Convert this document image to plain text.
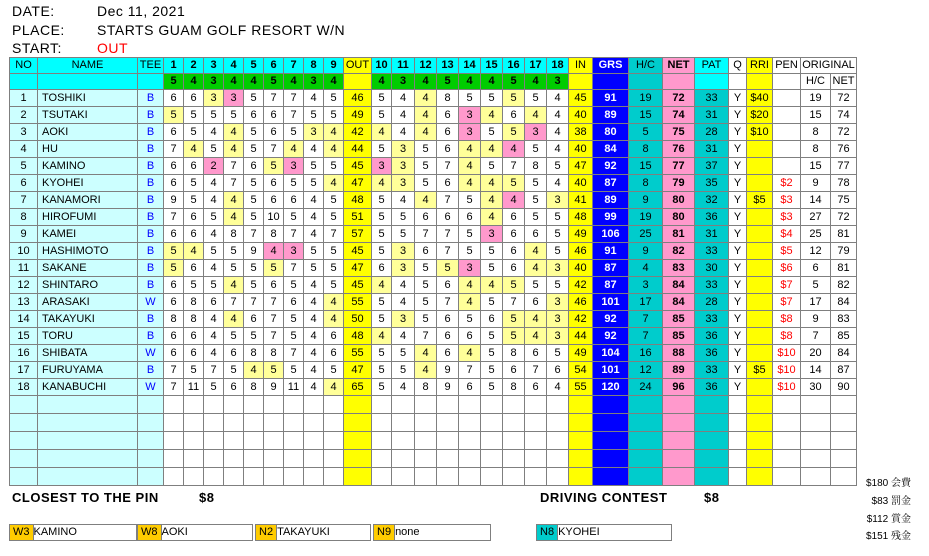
DATE:	Dec 11, 2021
PLACE: STARTS GUAM GOLF RESORT W/N
START:	OUT
NO	NAME	TEE	1	2	3	4	5	6	7	8	9	OUT	10	11	12	13	14	15	16	17	18	IN	GRS	H/C	NET	PAT	Q	RRI	PEN	ORIGINAL	
			5	4	3	4	4	5	4	3	4		4	3	4	5	4	4	5	4	3									H/C	NET
1	TOSHIKI	B	6	6	3	3	5	7	7	4	5	46	5	4	4	8	5	5	5	5	4	45	91	19	72	33	Y	$40		19	72
2	TSUTAKI	B	5	5	5	5	6	6	7	5	5	49	5	4	4	6	3	4	6	4	4	40	89	15	74	31	Y	$20		15	74
3	AOKI	B	6	5	4	4	5	6	5	3	4	42	4	4	4	6	3	5	5	3	4	38	80	5	75	28	Y	$10		8	72
4	HU	B	7	4	5	4	5	7	4	4	4	44	5	3	5	6	4	4	4	5	4	40	84	8	76	31	Y			8	76
5	KAMINO	B	6	6	2	7	6	5	3	5	5	45	3	3	5	7	4	5	7	8	5	47	92	15	77	37	Y			15	77
6	KYOHEI	B	6	5	4	7	5	6	5	5	4	47	4	3	5	6	4	4	5	5	4	40	87	8	79	35	Y		$2	9	78
7	KANAMORI	B	9	5	4	4	5	6	6	4	5	48	5	4	4	7	5	4	4	5	3	41	89	9	80	32	Y	$5	$3	14	75
8	HIROFUMI	B	7	6	5	4	5	10	5	4	5	51	5	5	6	6	6	4	6	5	5	48	99	19	80	36	Y		$3	27	72
9	KAMEI	B	6	6	4	8	7	8	7	4	7	57	5	5	7	7	5	3	6	6	5	49	106	25	81	31	Y		$4	25	81
10	HASHIMOTO	B	5	4	5	5	9	4	3	5	5	45	5	3	6	7	5	5	6	4	5	46	91	9	82	33	Y		$5	12	79
11	SAKANE	B	5	6	4	5	5	5	7	5	5	47	6	3	5	5	3	5	6	4	3	40	87	4	83	30	Y		$6	6	81
12	SHINTARO	B	6	5	5	4	5	6	5	4	5	45	4	4	5	6	4	4	5	5	5	42	87	3	84	33	Y		$7	5	82
13	ARASAKI	W	6	8	6	7	7	7	6	4	4	55	5	4	5	7	4	5	7	6	3	46	101	17	84	28	Y		$7	17	84
14	TAKAYUKI	B	8	8	4	4	6	7	5	4	4	50	5	3	5	6	5	6	5	4	3	42	92	7	85	33	Y		$8	9	83
15	TORU	B	6	6	4	5	5	7	5	4	6	48	4	4	7	6	6	5	5	4	3	44	92	7	85	36	Y		$8	7	85
16	SHIBATA	W	6	6	4	6	8	8	7	4	6	55	5	5	4	6	4	5	8	6	5	49	104	16	88	36	Y		$10	20	84
17	FURUYAMA	B	7	5	7	5	4	5	5	4	5	47	5	5	4	9	7	5	6	7	6	54	101	12	89	33	Y	$5	$10	14	87
18	KANABUCHI	W	7	11	5	6	8	9	11	4	4	65	5	4	8	9	6	5	8	6	4	55	120	24	96	36	Y		$10	30	90

CLOSEST TO THE PIN	$8	DRIVING CONTEST	$8
$180 会費
$83 罰金
$112 賞金
$151 残金
W3 KAMINO	W8 AOKI	N2 TAKAYUKI	N9 none	N8 KYOHEI
